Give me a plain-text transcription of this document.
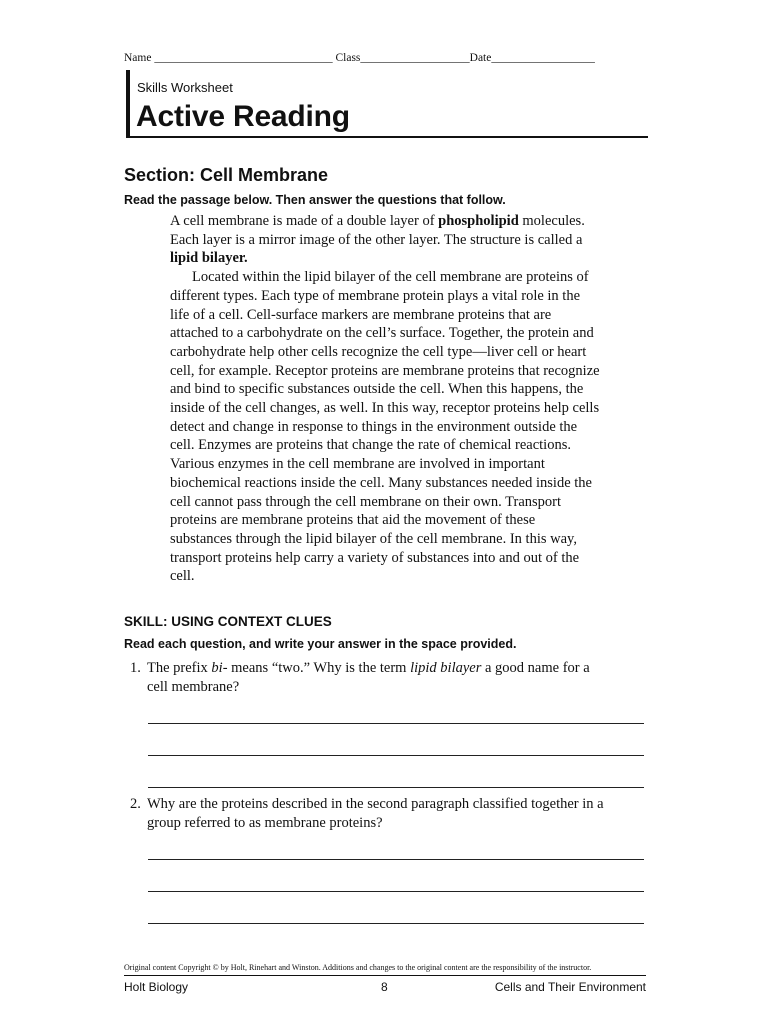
Name _______________________________ Class___________________Date__________________
Skills Worksheet
Active Reading
Section: Cell Membrane
Read the passage below. Then answer the questions that follow.

A cell membrane is made of a double layer of phospholipid molecules. Each layer is a mirror image of the other layer. The structure is called a lipid bilayer.

Located within the lipid bilayer of the cell membrane are proteins of different types. Each type of membrane protein plays a vital role in the life of a cell. Cell-surface markers are membrane proteins that are attached to a carbohydrate on the cell’s surface. Together, the protein and carbohydrate help other cells recognize the cell type—liver cell or heart cell, for example. Receptor proteins are membrane proteins that recognize and bind to specific substances outside the cell. When this happens, the inside of the cell changes, as well. In this way, receptor proteins help cells detect and change in response to things in the environment outside the cell. Enzymes are proteins that change the rate of chemical reactions. Various enzymes in the cell membrane are involved in important biochemical reactions inside the cell. Many substances needed inside the cell cannot pass through the cell membrane on their own. Transport proteins are membrane proteins that aid the movement of these substances through the lipid bilayer of the cell membrane. In this way, transport proteins help carry a variety of substances into and out of the cell.

SKILL: USING CONTEXT CLUES
Read each question, and write your answer in the space provided.
1. The prefix bi- means “two.” Why is the term lipid bilayer a good name for a
cell membrane?
2. Why are the proteins described in the second paragraph classified together in a
group referred to as membrane proteins?
Original content Copyright © by Holt, Rinehart and Winston. Additions and changes to the original content are the responsibility of the instructor.
Holt Biology	8	Cells and Their Environment
